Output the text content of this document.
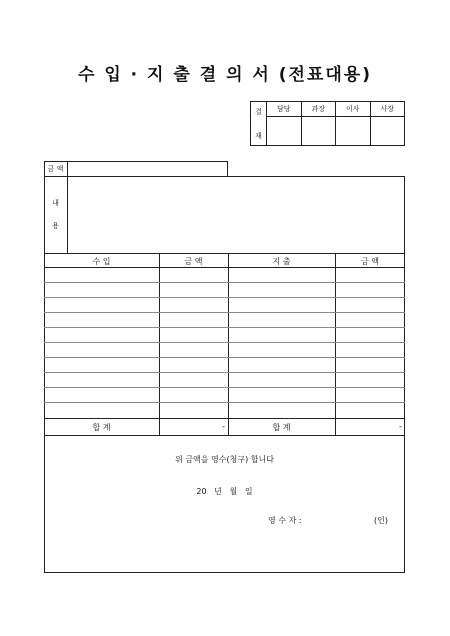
수 입 · 지 출 결 의 서 (전표대용)
결

재	담당	과장	이사	사장

금 액
내
용
수 입	금 액	지 출	금 액
합 계	-	합 계	-
위 금액을 영수(청구) 합니다
20   년   월   일
영 수 자 :	(인)
